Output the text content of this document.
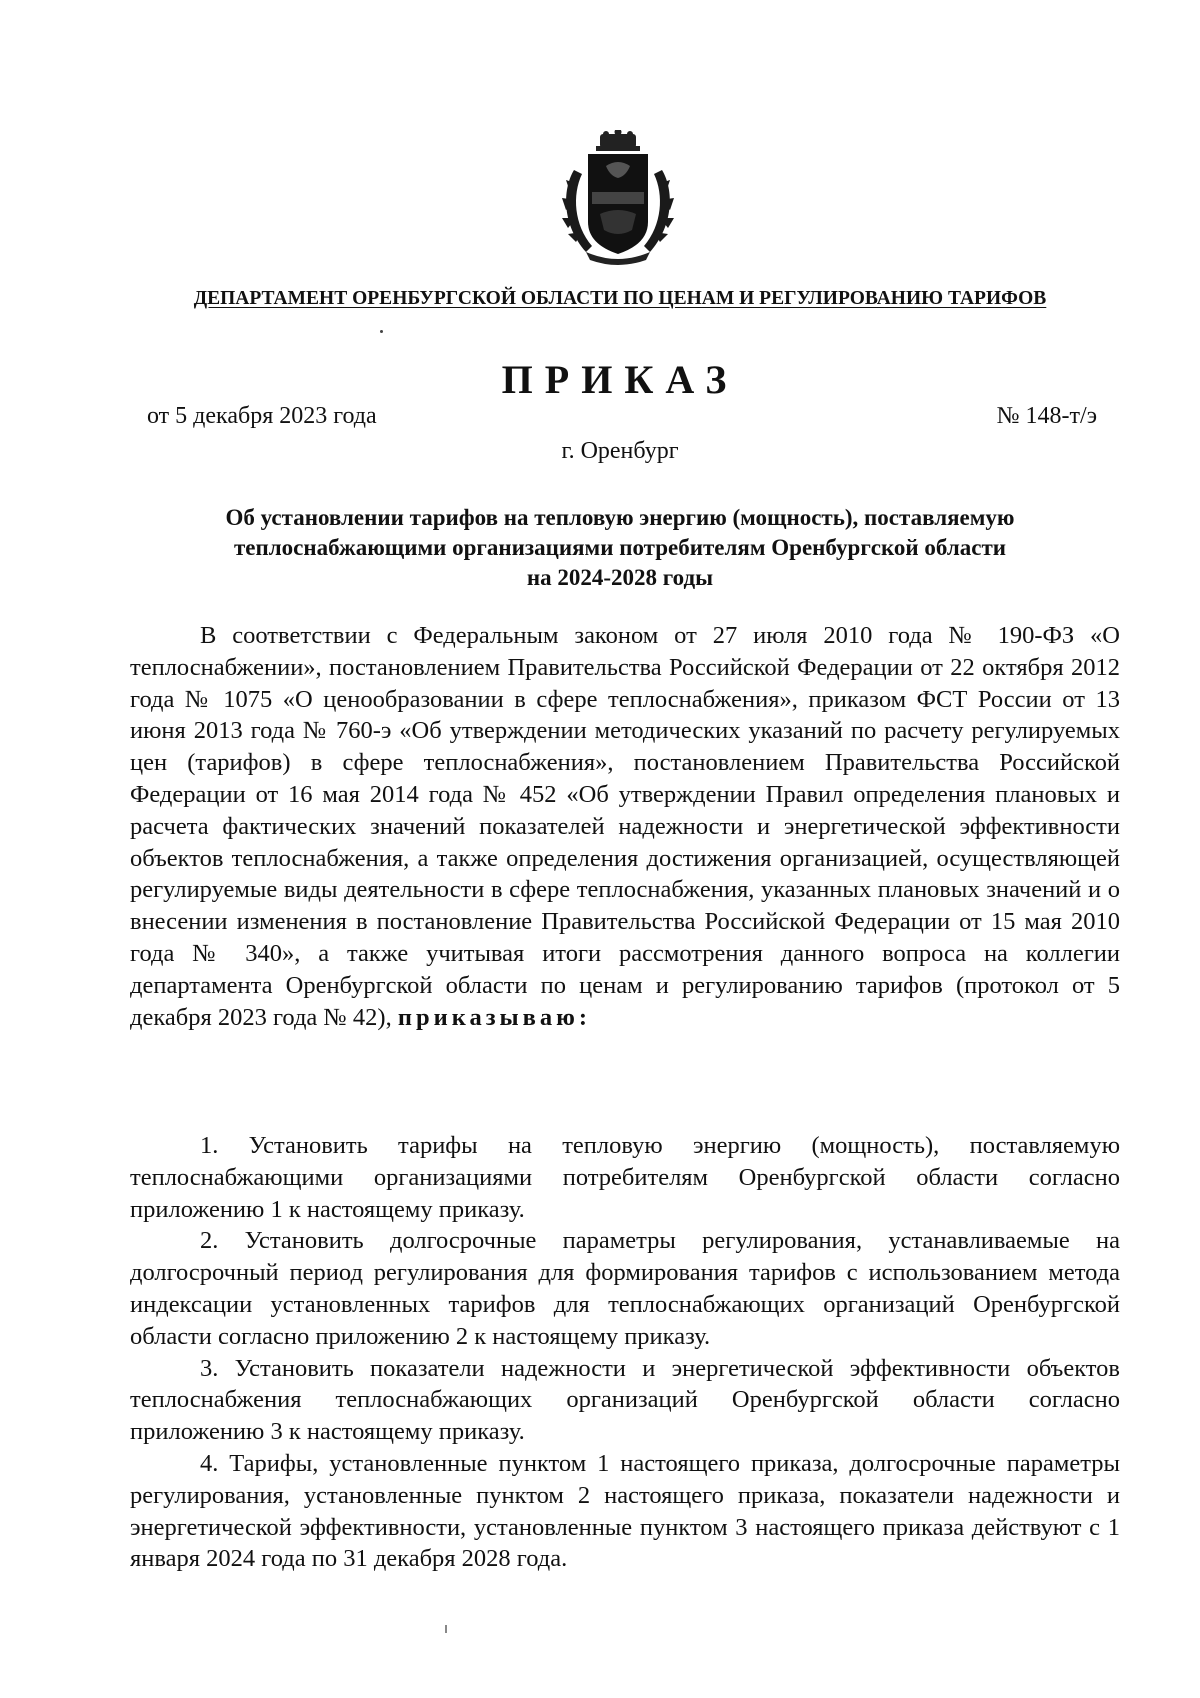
ДЕПАРТАМЕНТ ОРЕНБУРГСКОЙ ОБЛАСТИ ПО ЦЕНАМ И РЕГУЛИРОВАНИЮ ТАРИФОВ
ПРИКАЗ
от 5 декабря 2023 года	№ 148-т/э
г. Оренбург
Об установлении тарифов на тепловую энергию (мощность), поставляемую
теплоснабжающими организациями потребителям Оренбургской области
на 2024-2028 годы

В соответствии с Федеральным законом от 27 июля 2010 года № 190-ФЗ «О теплоснабжении», постановлением Правительства Российской Федерации от 22 октября 2012 года № 1075 «О ценообразовании в сфере теплоснабжения», приказом ФСТ России от 13 июня 2013 года № 760-э «Об утверждении методических указаний по расчету регулируемых цен (тарифов) в сфере теплоснабжения», постановлением Правительства Российской Федерации от 16 мая 2014 года № 452 «Об утверждении Правил определения плановых и расчета фактических значений показателей надежности и энергетической эффективности объектов теплоснабжения, а также определения достижения организацией, осуществляющей регулируемые виды деятельности в сфере теплоснабжения, указанных плановых значений и о внесении изменения в постановление Правительства Российской Федерации от 15 мая 2010 года № 340», а также учитывая итоги рассмотрения данного вопроса на коллегии департамента Оренбургской области по ценам и регулированию тарифов (протокол от 5 декабря 2023 года № 42), приказываю:

1. Установить тарифы на тепловую энергию (мощность), поставляемую теплоснабжающими организациями потребителям Оренбургской области согласно приложению 1 к настоящему приказу.

2. Установить долгосрочные параметры регулирования, устанавливаемые на долгосрочный период регулирования для формирования тарифов с использованием метода индексации установленных тарифов для теплоснабжающих организаций Оренбургской области согласно приложению 2 к настоящему приказу.

3. Установить показатели надежности и энергетической эффективности объектов теплоснабжения теплоснабжающих организаций Оренбургской области согласно приложению 3 к настоящему приказу.

4. Тарифы, установленные пунктом 1 настоящего приказа, долгосрочные параметры регулирования, установленные пунктом 2 настоящего приказа, показатели надежности и энергетической эффективности, установленные пунктом 3 настоящего приказа действуют с 1 января 2024 года по 31 декабря 2028 года.
